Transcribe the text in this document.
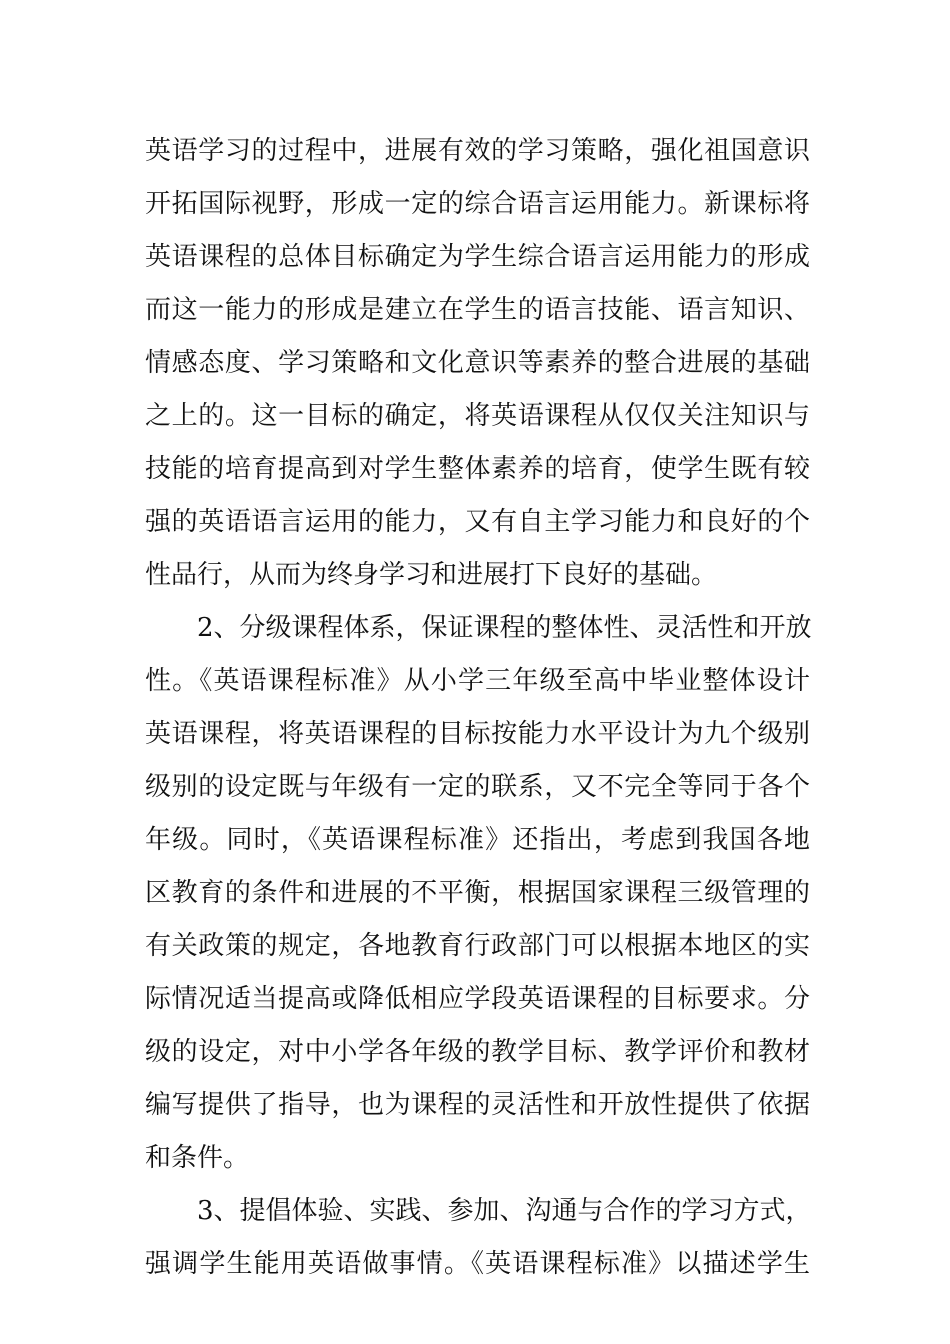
英语学习的过程中，进展有效的学习策略，强化祖国意识
开拓国际视野，形成一定的综合语言运用能力。新课标将
英语课程的总体目标确定为学生综合语言运用能力的形成
而这一能力的形成是建立在学生的语言技能、语言知识、
情感态度、学习策略和文化意识等素养的整合进展的基础
之上的。这一目标的确定，将英语课程从仅仅关注知识与
技能的培育提高到对学生整体素养的培育，使学生既有较
强的英语语言运用的能力，又有自主学习能力和良好的个
性品行，从而为终身学习和进展打下良好的基础。
2、分级课程体系，保证课程的整体性、灵活性和开放
性。《英语课程标准》从小学三年级至高中毕业整体设计
英语课程，将英语课程的目标按能力水平设计为九个级别
级别的设定既与年级有一定的联系，又不完全等同于各个
年级。同时，《英语课程标准》还指出，考虑到我国各地
区教育的条件和进展的不平衡，根据国家课程三级管理的
有关政策的规定，各地教育行政部门可以根据本地区的实
际情况适当提高或降低相应学段英语课程的目标要求。分
级的设定，对中小学各年级的教学目标、教学评价和教材
编写提供了指导，也为课程的灵活性和开放性提供了依据
和条件。
3、提倡体验、实践、参加、沟通与合作的学习方式，
强调学生能用英语做事情。《英语课程标准》以描述学生
